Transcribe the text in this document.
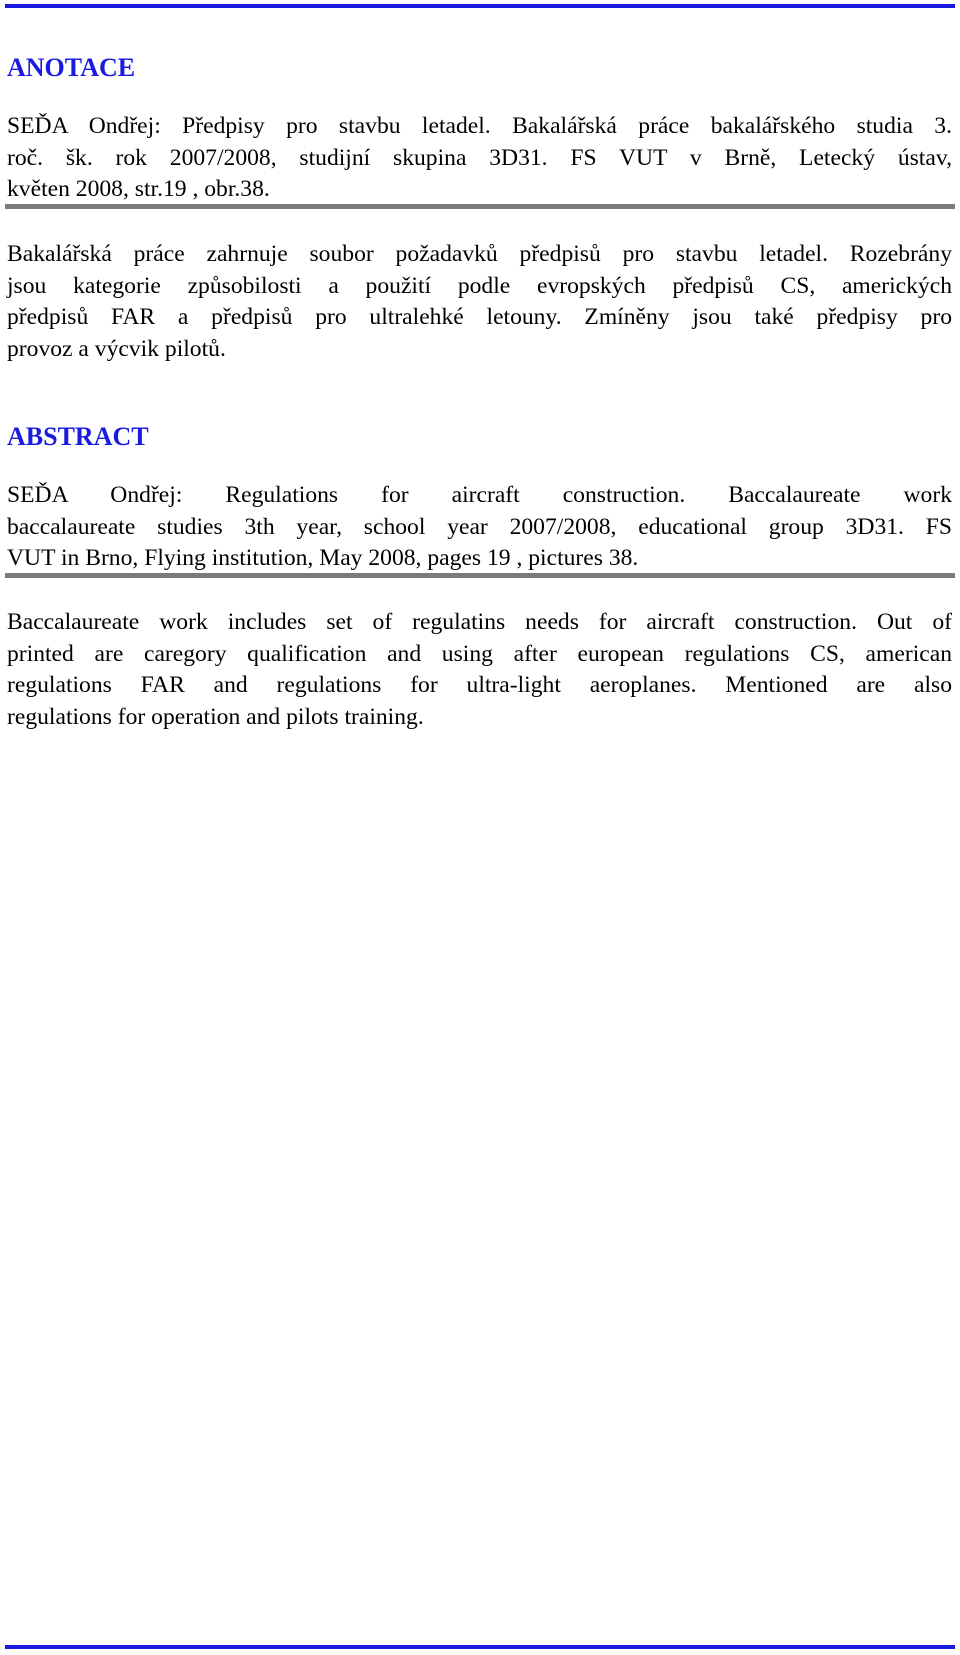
ANOTACE

SEĎA Ondřej: Předpisy pro stavbu letadel. Bakalářská práce bakalářského studia 3.
roč. šk. rok 2007/2008, studijní skupina 3D31. FS VUT v Brně, Letecký ústav,
květen 2008, str.19 , obr.38.

Bakalářská práce zahrnuje soubor požadavků předpisů pro stavbu letadel. Rozebrány
jsou kategorie způsobilosti a použití podle evropských předpisů CS, amerických
předpisů FAR a předpisů pro ultralehké letouny. Zmíněny jsou také předpisy pro
provoz a výcvik pilotů.

ABSTRACT

SEĎA Ondřej: Regulations for aircraft construction. Baccalaureate work
baccalaureate studies 3th year, school year 2007/2008, educational group 3D31. FS
VUT in Brno, Flying institution, May 2008, pages 19 , pictures 38.

Baccalaureate work includes set of regulatins needs for aircraft construction. Out of
printed are caregory qualification and using after european regulations CS, american
regulations FAR and regulations for ultra-light aeroplanes. Mentioned are also
regulations for operation and pilots training.
